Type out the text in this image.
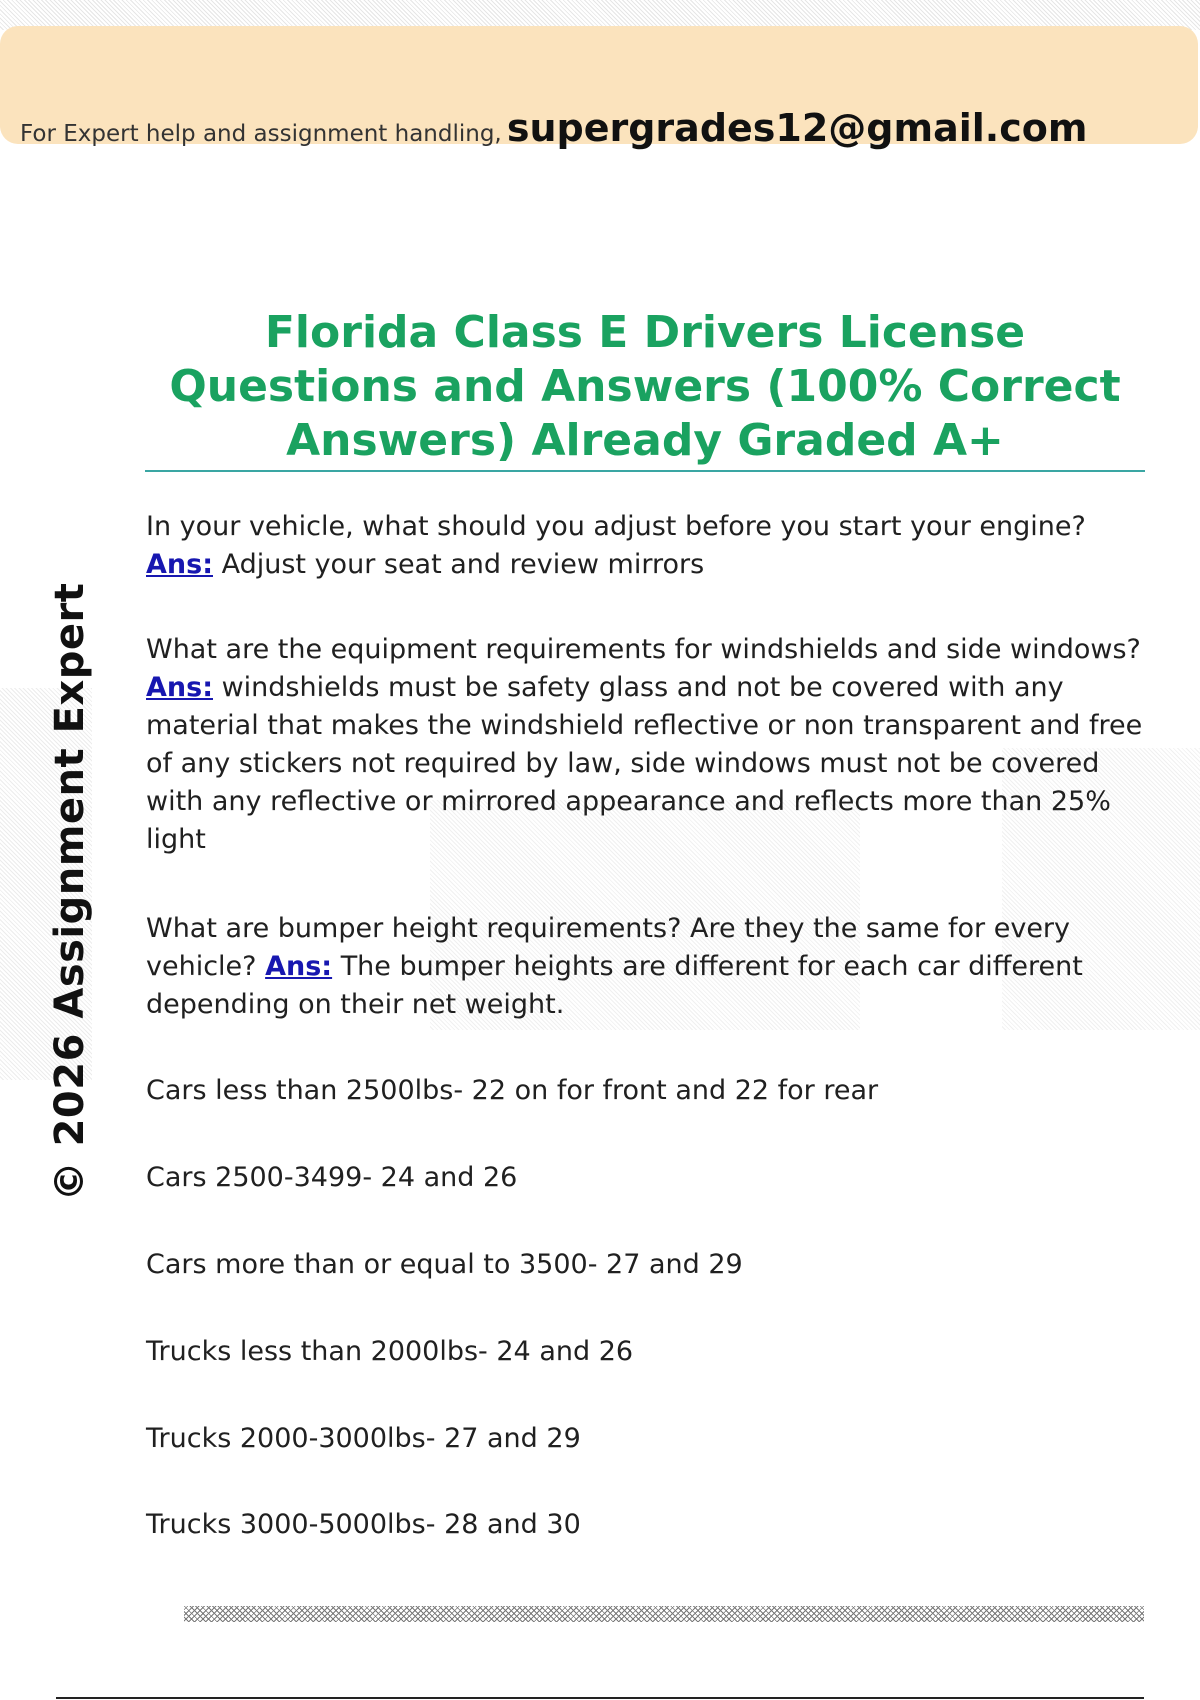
For Expert help and assignment handling, supergrades12@gmail.com
© 2026 Assignment Expert
Florida Class E Drivers License Questions and Answers (100% Correct Answers) Already Graded A+

In your vehicle, what should you adjust before you start your engine?
Ans: Adjust your seat and review mirrors

What are the equipment requirements for windshields and side windows? Ans: windshields must be safety glass and not be covered with any material that makes the windshield reflective or non transparent and free of any stickers not required by law, side windows must not be covered with any reflective or mirrored appearance and reflects more than 25% light

What are bumper height requirements? Are they the same for every vehicle? Ans: The bumper heights are different for each car different depending on their net weight.

Cars less than 2500lbs- 22 on for front and 22 for rear

Cars 2500-3499- 24 and 26

Cars more than or equal to 3500- 27 and 29

Trucks less than 2000lbs- 24 and 26

Trucks 2000-3000lbs- 27 and 29

Trucks 3000-5000lbs- 28 and 30
